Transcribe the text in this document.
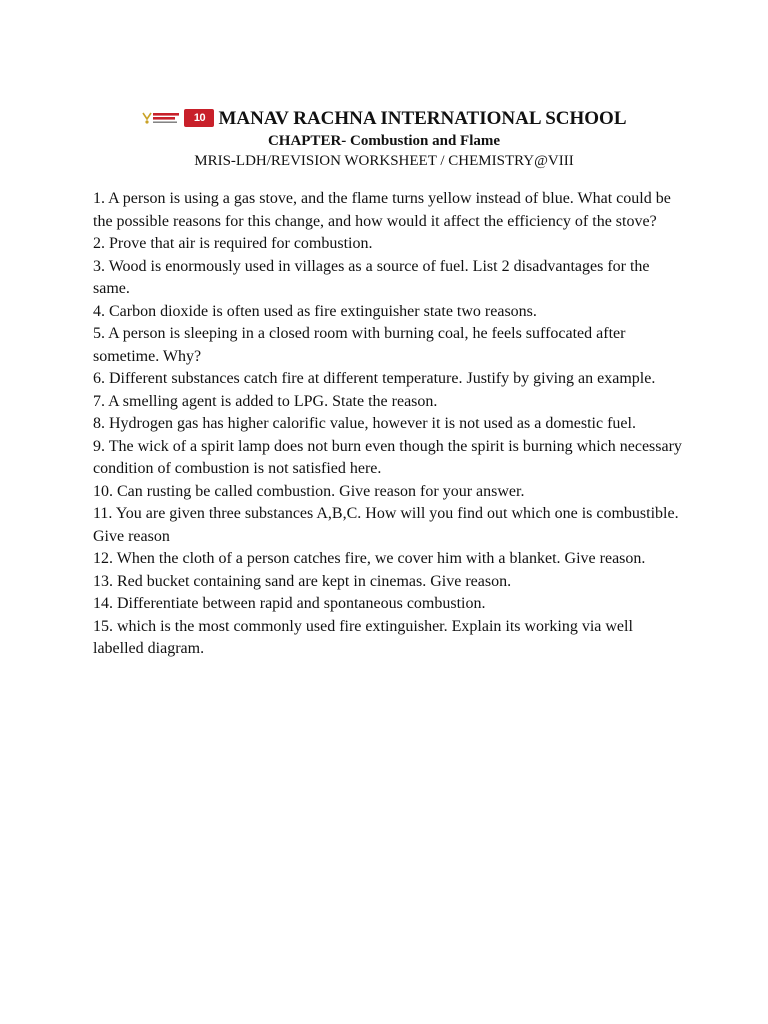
10 MANAV RACHNA INTERNATIONAL SCHOOL
CHAPTER- Combustion and Flame
MRIS-LDH/REVISION WORKSHEET / CHEMISTRY@VIII

1. A person is using a gas stove, and the flame turns yellow instead of blue. What could be the possible reasons for this change, and how would it affect the efficiency of the stove?

2. Prove that air is required for combustion.

3. Wood is enormously used in villages as a source of fuel. List 2 disadvantages for the same.

4. Carbon dioxide is often used as fire extinguisher state two reasons.

5. A person is sleeping in a closed room with burning coal, he feels suffocated after sometime. Why?

6. Different substances catch fire at different temperature. Justify by giving an example.

7. A smelling agent is added to LPG. State the reason.

8. Hydrogen gas has higher calorific value, however it is not used as a domestic fuel.

9. The wick of a spirit lamp does not burn even though the spirit is burning which necessary condition of combustion is not satisfied here.

10. Can rusting be called combustion. Give reason for your answer.

11. You are given three substances A,B,C. How will you find out which one is combustible. Give reason

12. When the cloth of a person catches fire, we cover him with a blanket. Give reason.

13. Red bucket containing sand are kept in cinemas. Give reason.

14. Differentiate between rapid and spontaneous combustion.

15. which is the most commonly used fire extinguisher. Explain its working via well labelled diagram.
